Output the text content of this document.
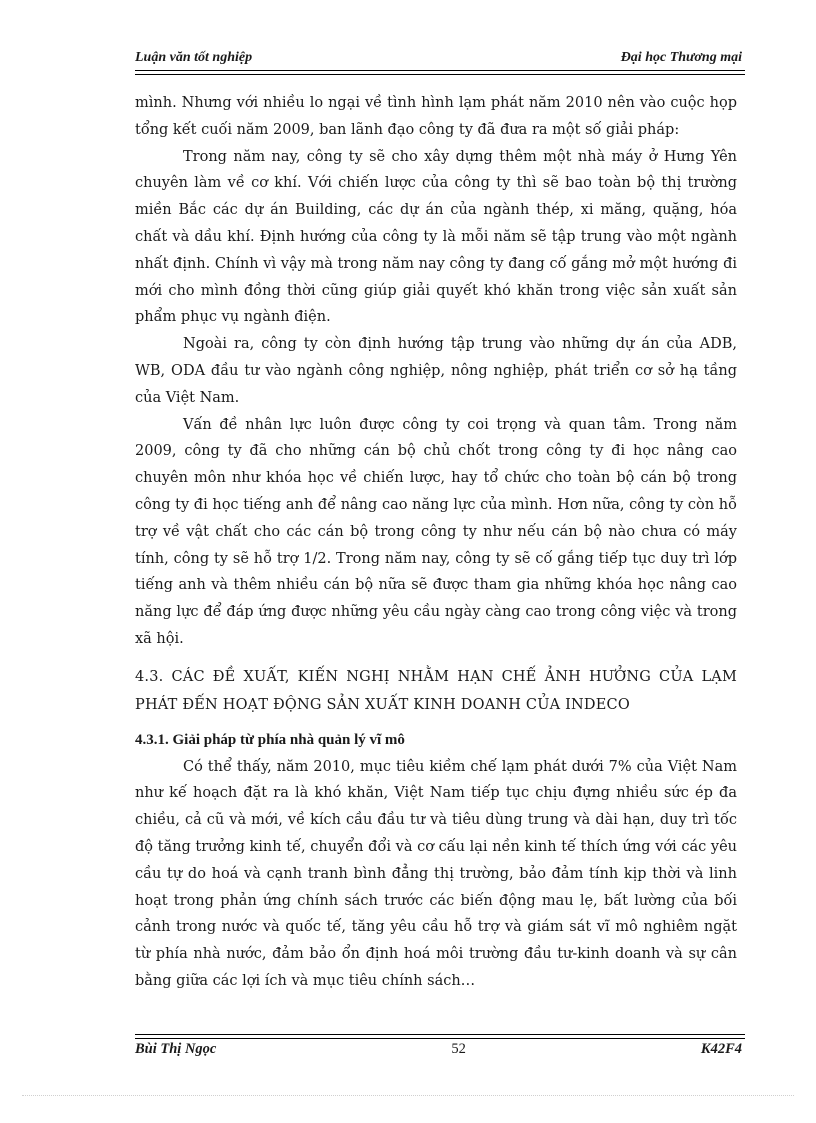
Luận văn tốt nghiệp	Đại học Thương mại

mình. Nhưng với nhiều lo ngại về tình hình lạm phát năm 2010 nên vào cuộc họp tổng kết cuối năm 2009, ban lãnh đạo công ty đã đưa ra một số giải pháp:

Trong năm nay, công ty sẽ cho xây dựng thêm một nhà máy ở Hưng Yên chuyên làm về cơ khí. Với chiến lược của công ty thì sẽ bao toàn bộ thị trường miền Bắc các dự án Building, các dự án của ngành thép, xi măng, quặng, hóa chất và dầu khí. Định hướng của công ty là mỗi năm sẽ tập trung vào một ngành nhất định. Chính vì vậy mà trong năm nay công ty đang cố gắng mở một hướng đi mới cho mình đồng thời cũng giúp giải quyết khó khăn trong việc sản xuất sản phẩm phục vụ ngành điện.

Ngoài ra, công ty còn định hướng tập trung vào những dự án của ADB, WB, ODA đầu tư vào ngành công nghiệp, nông nghiệp, phát triển cơ sở hạ tầng của Việt Nam.

Vấn đề nhân lực luôn được công ty coi trọng và quan tâm. Trong năm 2009, công ty đã cho những cán bộ chủ chốt trong công ty đi học nâng cao chuyên môn như khóa học về chiến lược, hay tổ chức cho toàn bộ cán bộ trong công ty đi học tiếng anh để nâng cao năng lực của mình. Hơn nữa, công ty còn hỗ trợ về vật chất cho các cán bộ trong công ty như nếu cán bộ nào chưa có máy tính, công ty sẽ hỗ trợ 1/2. Trong năm nay, công ty sẽ cố gắng tiếp tục duy trì lớp tiếng anh và thêm nhiều cán bộ nữa sẽ được tham gia những khóa học nâng cao năng lực để đáp ứng được những yêu cầu ngày càng cao trong công việc và trong xã hội.

4.3. CÁC ĐỀ XUẤT, KIẾN NGHỊ NHẰM HẠN CHẾ ẢNH HƯỞNG CỦA LẠM PHÁT ĐẾN HOẠT ĐỘNG SẢN XUẤT KINH DOANH CỦA INDECO

4.3.1. Giải pháp từ phía nhà quản lý vĩ mô

Có thể thấy, năm 2010, mục tiêu kiềm chế lạm phát dưới 7% của Việt Nam như kế hoạch đặt ra là khó khăn, Việt Nam tiếp tục chịu đựng nhiều sức ép đa chiều, cả cũ và mới, về kích cầu đầu tư và tiêu dùng trung và dài hạn, duy trì tốc độ tăng trưởng kinh tế, chuyển đổi và cơ cấu lại nền kinh tế thích ứng với các yêu cầu tự do hoá và cạnh tranh bình đẳng thị trường, bảo đảm tính kịp thời và linh hoạt trong phản ứng chính sách trước các biến động mau lẹ, bất lường của bối cảnh trong nước và quốc tế, tăng yêu cầu hỗ trợ và giám sát vĩ mô nghiêm ngặt từ phía nhà nước, đảm bảo ổn định hoá môi trường đầu tư-kinh doanh và sự cân bằng giữa các lợi ích và mục tiêu chính sách…

Bùi Thị Ngọc	52	K42F4
